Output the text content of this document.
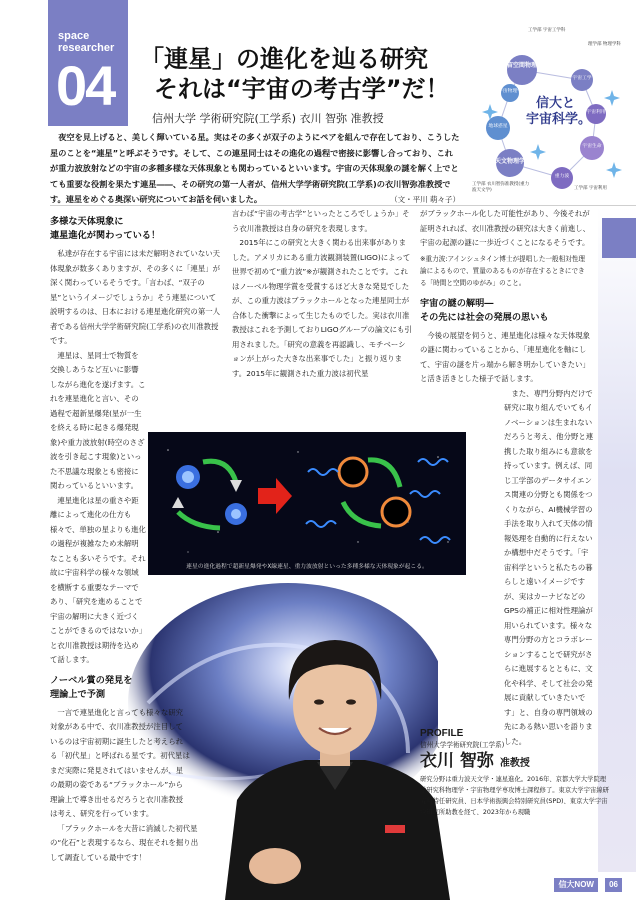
space
researcher
04 「連星」の進化を辿る研究
それは“宇宙の考古学”だ！
信州大学 学術研究院(工学系) 衣川 智弥 准教授
宇宙空間物理学
天文物理学
宇宙物理学
宇宙工学
宇宙利用
宇宙生命
地球惑星
重力波
信大と
宇宙科学。
工学部 宇宙工学科
理学部 物理学科
工学部 衣川智弥准教授(重力波天文学)	工学部 宇宙利用
夜空を見上げると、美しく輝いている星。実はその多くが双子のようにペアを組んで存在しており、こうした星のことを“連星”と呼ぶそうです。そして、この連星同士はその進化の過程で密接に影響し合っており、これが重力波放射などの宇宙の多種多様な天体現象とも関わっているといいます。宇宙の天体現象の謎を解く上でとても重要な役割を果たす連星――、その研究の第一人者が、信州大学学術研究院(工学系)の衣川智弥准教授です。連星をめぐる奥深い研究についてお話を伺いました。	（文・平川 萌々子）
多様な天体現象に
連星進化が関わっている！

私達が存在する宇宙には未だ解明されていない天体現象が数多くありますが、その多くに「連星」が深く関わっているそうです。「言わば、“双子の星”というイメージでしょうか」そう連星について説明するのは、日本における連星進化研究の第一人者である信州大学学術研究院(工学系)の衣川准教授です。

連星は、星同士で物質を交換しあうなど互いに影響しながら進化を遂げます。これを連星進化と言い、その過程で超新星爆発(星が一生を終える時に起きる爆発現象)や重力波放射(時空のさざ波を引き起こす現象)といった不思議な現象とも密接に関わっているといいます。

連星進化は星の重さや距離によって進化の仕方も様々で、単独の星よりも進化の過程が複雑なため未解明なことも多いそうです。それ故に宇宙科学の様々な領域を横断する重要なテーマであり、「研究を進めることで宇宙の解明に大きく近づくことができるのではないか」と衣川准教授は期待を込めて話します。

ノーベル賞の発見を
理論上で予測

一言で連星進化と言っても様々な研究対象がある中で、衣川准教授が注目しているのは宇宙初期に誕生したと考えられる「初代星」と呼ばれる星です。初代星はまだ実際に発見されてはいませんが、星の最期の姿である“ブラックホール”から理論上で導き出せるだろうと衣川准教授は考え、研究を行っています。

「ブラックホールを大昔に消滅した初代星の“化石”と表現するなら、現在それを掘り出して調査している最中です！

言わば“宇宙の考古学”といったところでしょうか」そう衣川准教授は自身の研究を表現します。

2015年にこの研究と大きく関わる出来事がありました。アメリカにある重力波観測装置(LIGO)によって世界で初めて“重力波”※が観測されたことです。これはノーベル物理学賞を受賞するほど大きな発見でしたが、この重力波はブラックホールとなった連星同士が合体した衝撃によって生じたものでした。実は衣川准教授はこれを予測しておりLIGOグループの論文にも引用されました。「研究の意義を再認識し、モチベーションが上がった大きな出来事でした」と振り返ります。2015年に観測された重力波は初代星

がブラックホール化した可能性があり、今後それが証明されれば、衣川准教授の研究は大きく前進し、宇宙の起源の謎に一歩近づくことになるそうです。

※重力波:アインシュタイン博士が提唱した一般相対性理論によるもので、質量のあるものが存在するときにできる「時間と空間のゆがみ」のこと。

宇宙の謎の解明―
その先には社会の発展の思いも

今後の展望を伺うと、連星進化は様々な天体現象の謎に関わっていることから、「連星進化を軸にして、宇宙の謎を片っ端から解き明かしていきたい」と活き活きとした様子で話します。

また、専門分野内だけで研究に取り組んでいてもイノベーションは生まれないだろうと考え、他分野と連携した取り組みにも意欲を持っています。例えば、同じ工学部のデータサイエンス関連の分野とも関係をつくりながら、AI機械学習の手法を取り入れて天体の情報処理を自動的に行えないか構想中だそうです。「宇宙科学というと私たちの暮らしと遠いイメージですが、実はカーナビなどのGPSの補正に相対性理論が用いられています。様々な専門分野の方とコラボレーションすることで研究がさらに進展するとともに、文化や科学、そして社会の発展に貢献していきたいです」と、自身の専門領域の先にある熱い思いを語りました。

連星の進化過程で超新星爆発やX線連星、重力波放射といった多種多様な天体現象が起こる。
PROFILE
信州大学学術研究院(工学系)
衣川 智弥 准教授
研究分野は重力波天文学・連星進化。2016年、京都大学大学院理学研究科物理学・宇宙物理学専攻博士課程修了。東京大学宇宙線研究所特任研究員、日本学術振興会特別研究員(SPD)、東京大学宇宙線研究所助教を経て、2023年から現職
信大NOW	06
